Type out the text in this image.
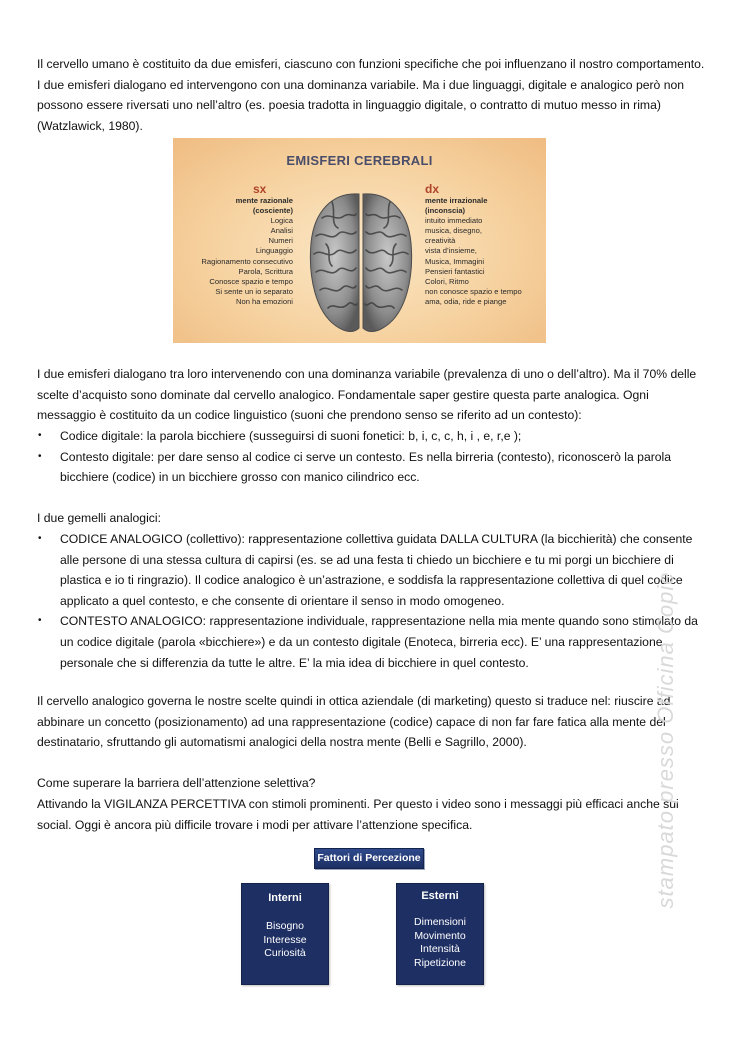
Il cervello umano è costituito da due emisferi, ciascuno con funzioni specifiche che poi influenzano il nostro comportamento. I due emisferi dialogano ed intervengono con una dominanza variabile. Ma i due linguaggi, digitale e analogico però non possono essere riversati uno nell’altro (es. poesia tradotta in linguaggio digitale, o contratto di mutuo messo in rima) (Watzlawick, 1980).

EMISFERI CEREBRALI
sx	dx
mente razionale
(cosciente)
Logica
Analisi
Numeri
Linguaggio
Ragionamento consecutivo
Parola, Scrittura
Conosce spazio e tempo
Si sente un io separato
Non ha emozioni
mente irrazionale
(inconscia)
intuito immediato
musica, disegno,
creatività
vista d’insieme,
Musica, Immagini
Pensieri fantastici
Colori, Ritmo
non conosce spazio e tempo
ama, odia, ride e piange

I due emisferi dialogano tra loro intervenendo con una dominanza variabile (prevalenza di uno o dell’altro). Ma il 70% delle scelte d’acquisto sono dominate dal cervello analogico. Fondamentale saper gestire questa parte analogica. Ogni messaggio è costituito da un codice linguistico (suoni che prendono senso se riferito ad un contesto):

• Codice digitale: la parola bicchiere (susseguirsi di suoni fonetici: b, i, c, c, h, i , e, r,e );
• Contesto digitale: per dare senso al codice ci serve un contesto. Es nella birreria (contesto), riconoscerò la parola bicchiere (codice) in un bicchiere grosso con manico cilindrico ecc.

I due gemelli analogici:

• CODICE ANALOGICO (collettivo): rappresentazione collettiva guidata DALLA CULTURA (la bicchierità) che consente alle persone di una stessa cultura di capirsi (es. se ad una festa ti chiedo un bicchiere e tu mi porgi un bicchiere di plastica e io ti ringrazio). Il codice analogico è un’astrazione, e soddisfa la rappresentazione collettiva di quel codice applicato a quel contesto, e che consente di orientare il senso in modo omogeneo.
• CONTESTO ANALOGICO: rappresentazione individuale, rappresentazione nella mia mente quando sono stimolato da un codice digitale (parola «bicchiere») e da un contesto digitale (Enoteca, birreria ecc). E’ una rappresentazione personale che si differenzia da tutte le altre. E’ la mia idea di bicchiere in quel contesto.

Il cervello analogico governa le nostre scelte quindi in ottica aziendale (di marketing) questo si traduce nel: riuscire ad abbinare un concetto (posizionamento) ad una rappresentazione (codice) capace di non far fare fatica alla mente del destinatario, sfruttando gli automatismi analogici della nostra mente (Belli e Sagrillo, 2000).

Come superare la barriera dell’attenzione selettiva?

Attivando la VIGILANZA PERCETTIVA con stimoli prominenti. Per questo i video sono i messaggi più efficaci anche sui social. Oggi è ancora più difficile trovare i modi per attivare l’attenzione specifica.

Fattori di Percezione
Interni
Bisogno
Interesse
Curiosità
Esterni
Dimensioni
Movimento
Intensità
Ripetizione
stampato presso Officina Copie
